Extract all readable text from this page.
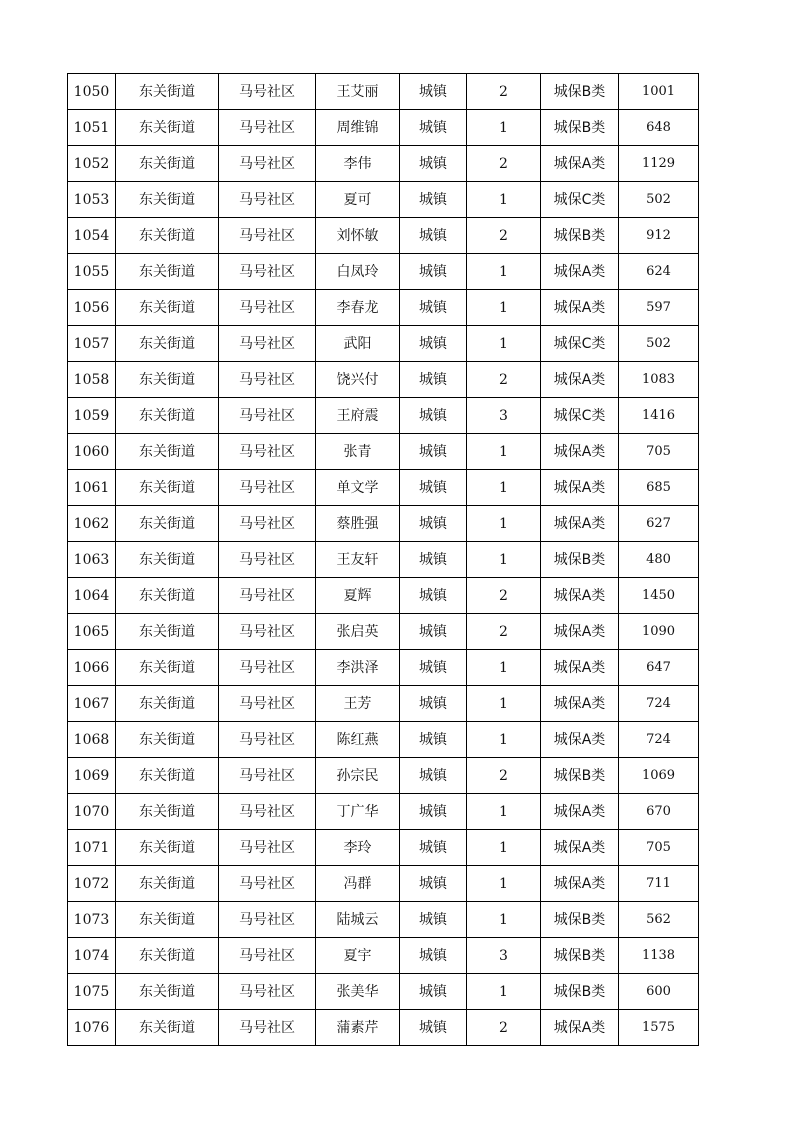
1050	东关街道	马号社区	王艾丽	城镇	2	城保B类	1001
1051	东关街道	马号社区	周维锦	城镇	1	城保B类	648
1052	东关街道	马号社区	李伟	城镇	2	城保A类	1129
1053	东关街道	马号社区	夏可	城镇	1	城保C类	502
1054	东关街道	马号社区	刘怀敏	城镇	2	城保B类	912
1055	东关街道	马号社区	白凤玲	城镇	1	城保A类	624
1056	东关街道	马号社区	李春龙	城镇	1	城保A类	597
1057	东关街道	马号社区	武阳	城镇	1	城保C类	502
1058	东关街道	马号社区	饶兴付	城镇	2	城保A类	1083
1059	东关街道	马号社区	王府震	城镇	3	城保C类	1416
1060	东关街道	马号社区	张青	城镇	1	城保A类	705
1061	东关街道	马号社区	单文学	城镇	1	城保A类	685
1062	东关街道	马号社区	蔡胜强	城镇	1	城保A类	627
1063	东关街道	马号社区	王友轩	城镇	1	城保B类	480
1064	东关街道	马号社区	夏辉	城镇	2	城保A类	1450
1065	东关街道	马号社区	张启英	城镇	2	城保A类	1090
1066	东关街道	马号社区	李洪泽	城镇	1	城保A类	647
1067	东关街道	马号社区	王芳	城镇	1	城保A类	724
1068	东关街道	马号社区	陈红燕	城镇	1	城保A类	724
1069	东关街道	马号社区	孙宗民	城镇	2	城保B类	1069
1070	东关街道	马号社区	丁广华	城镇	1	城保A类	670
1071	东关街道	马号社区	李玲	城镇	1	城保A类	705
1072	东关街道	马号社区	冯群	城镇	1	城保A类	711
1073	东关街道	马号社区	陆城云	城镇	1	城保B类	562
1074	东关街道	马号社区	夏宇	城镇	3	城保B类	1138
1075	东关街道	马号社区	张美华	城镇	1	城保B类	600
1076	东关街道	马号社区	蒲素芹	城镇	2	城保A类	1575
